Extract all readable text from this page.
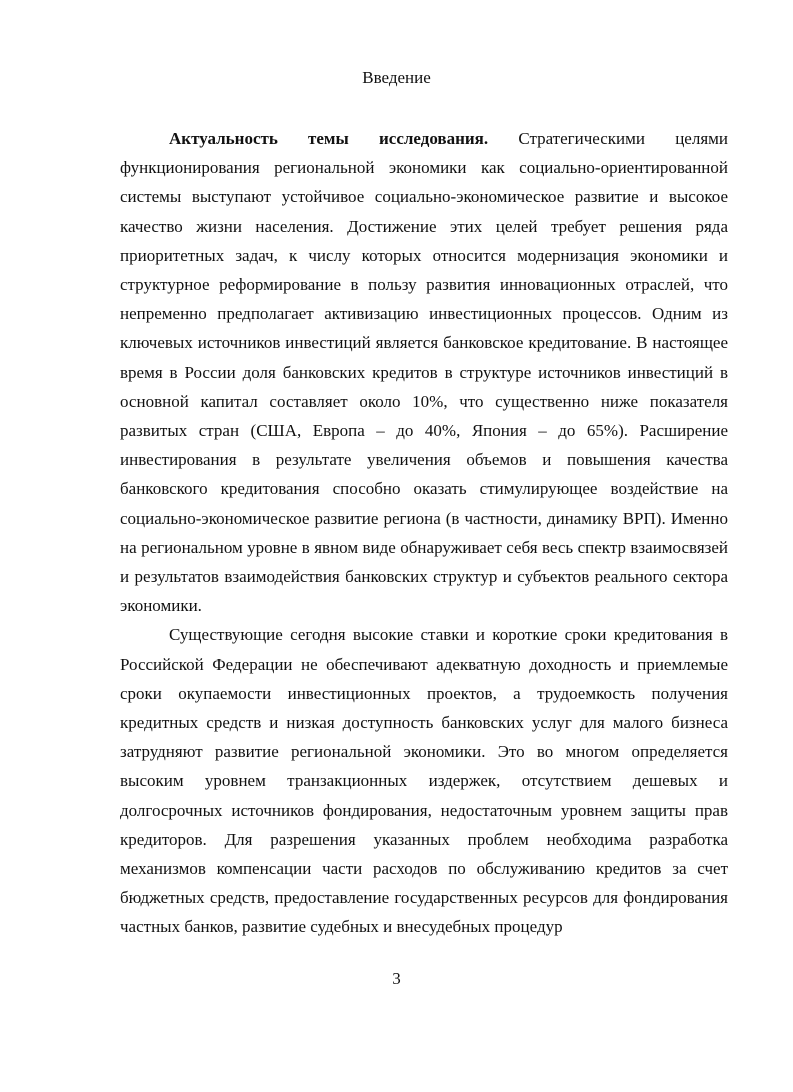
Введение

Актуальность темы исследования. Стратегическими целями функционирования региональной экономики как социально-ориентированной системы выступают устойчивое социально-экономическое развитие и высокое качество жизни населения. Достижение этих целей требует решения ряда приоритетных задач, к числу которых относится модернизация экономики и структурное реформирование в пользу развития инновационных отраслей, что непременно предполагает активизацию инвестиционных процессов. Одним из ключевых источников инвестиций является банковское кредитование. В настоящее время в России доля банковских кредитов в структуре источников инвестиций в основной капитал составляет около 10%, что существенно ниже показателя развитых стран (США, Европа – до 40%, Япония – до 65%). Расширение инвестирования в результате увеличения объемов и повышения качества банковского кредитования способно оказать стимулирующее воздействие на социально-экономическое развитие региона (в частности, динамику ВРП). Именно на региональном уровне в явном виде обнаруживает себя весь спектр взаимосвязей и результатов взаимодействия банковских структур и субъектов реального сектора экономики.

Существующие сегодня высокие ставки и короткие сроки кредитования в Российской Федерации не обеспечивают адекватную доходность и приемлемые сроки окупаемости инвестиционных проектов, а трудоемкость получения кредитных средств и низкая доступность банковских услуг для малого бизнеса затрудняют развитие региональной экономики. Это во многом определяется высоким уровнем транзакционных издержек, отсутствием дешевых и долгосрочных источников фондирования, недостаточным уровнем защиты прав кредиторов. Для разрешения указанных проблем необходима разработка механизмов компенсации части расходов по обслуживанию кредитов за счет бюджетных средств, предоставление государственных ресурсов для фондирования частных банков, развитие судебных и внесудебных процедур

3
